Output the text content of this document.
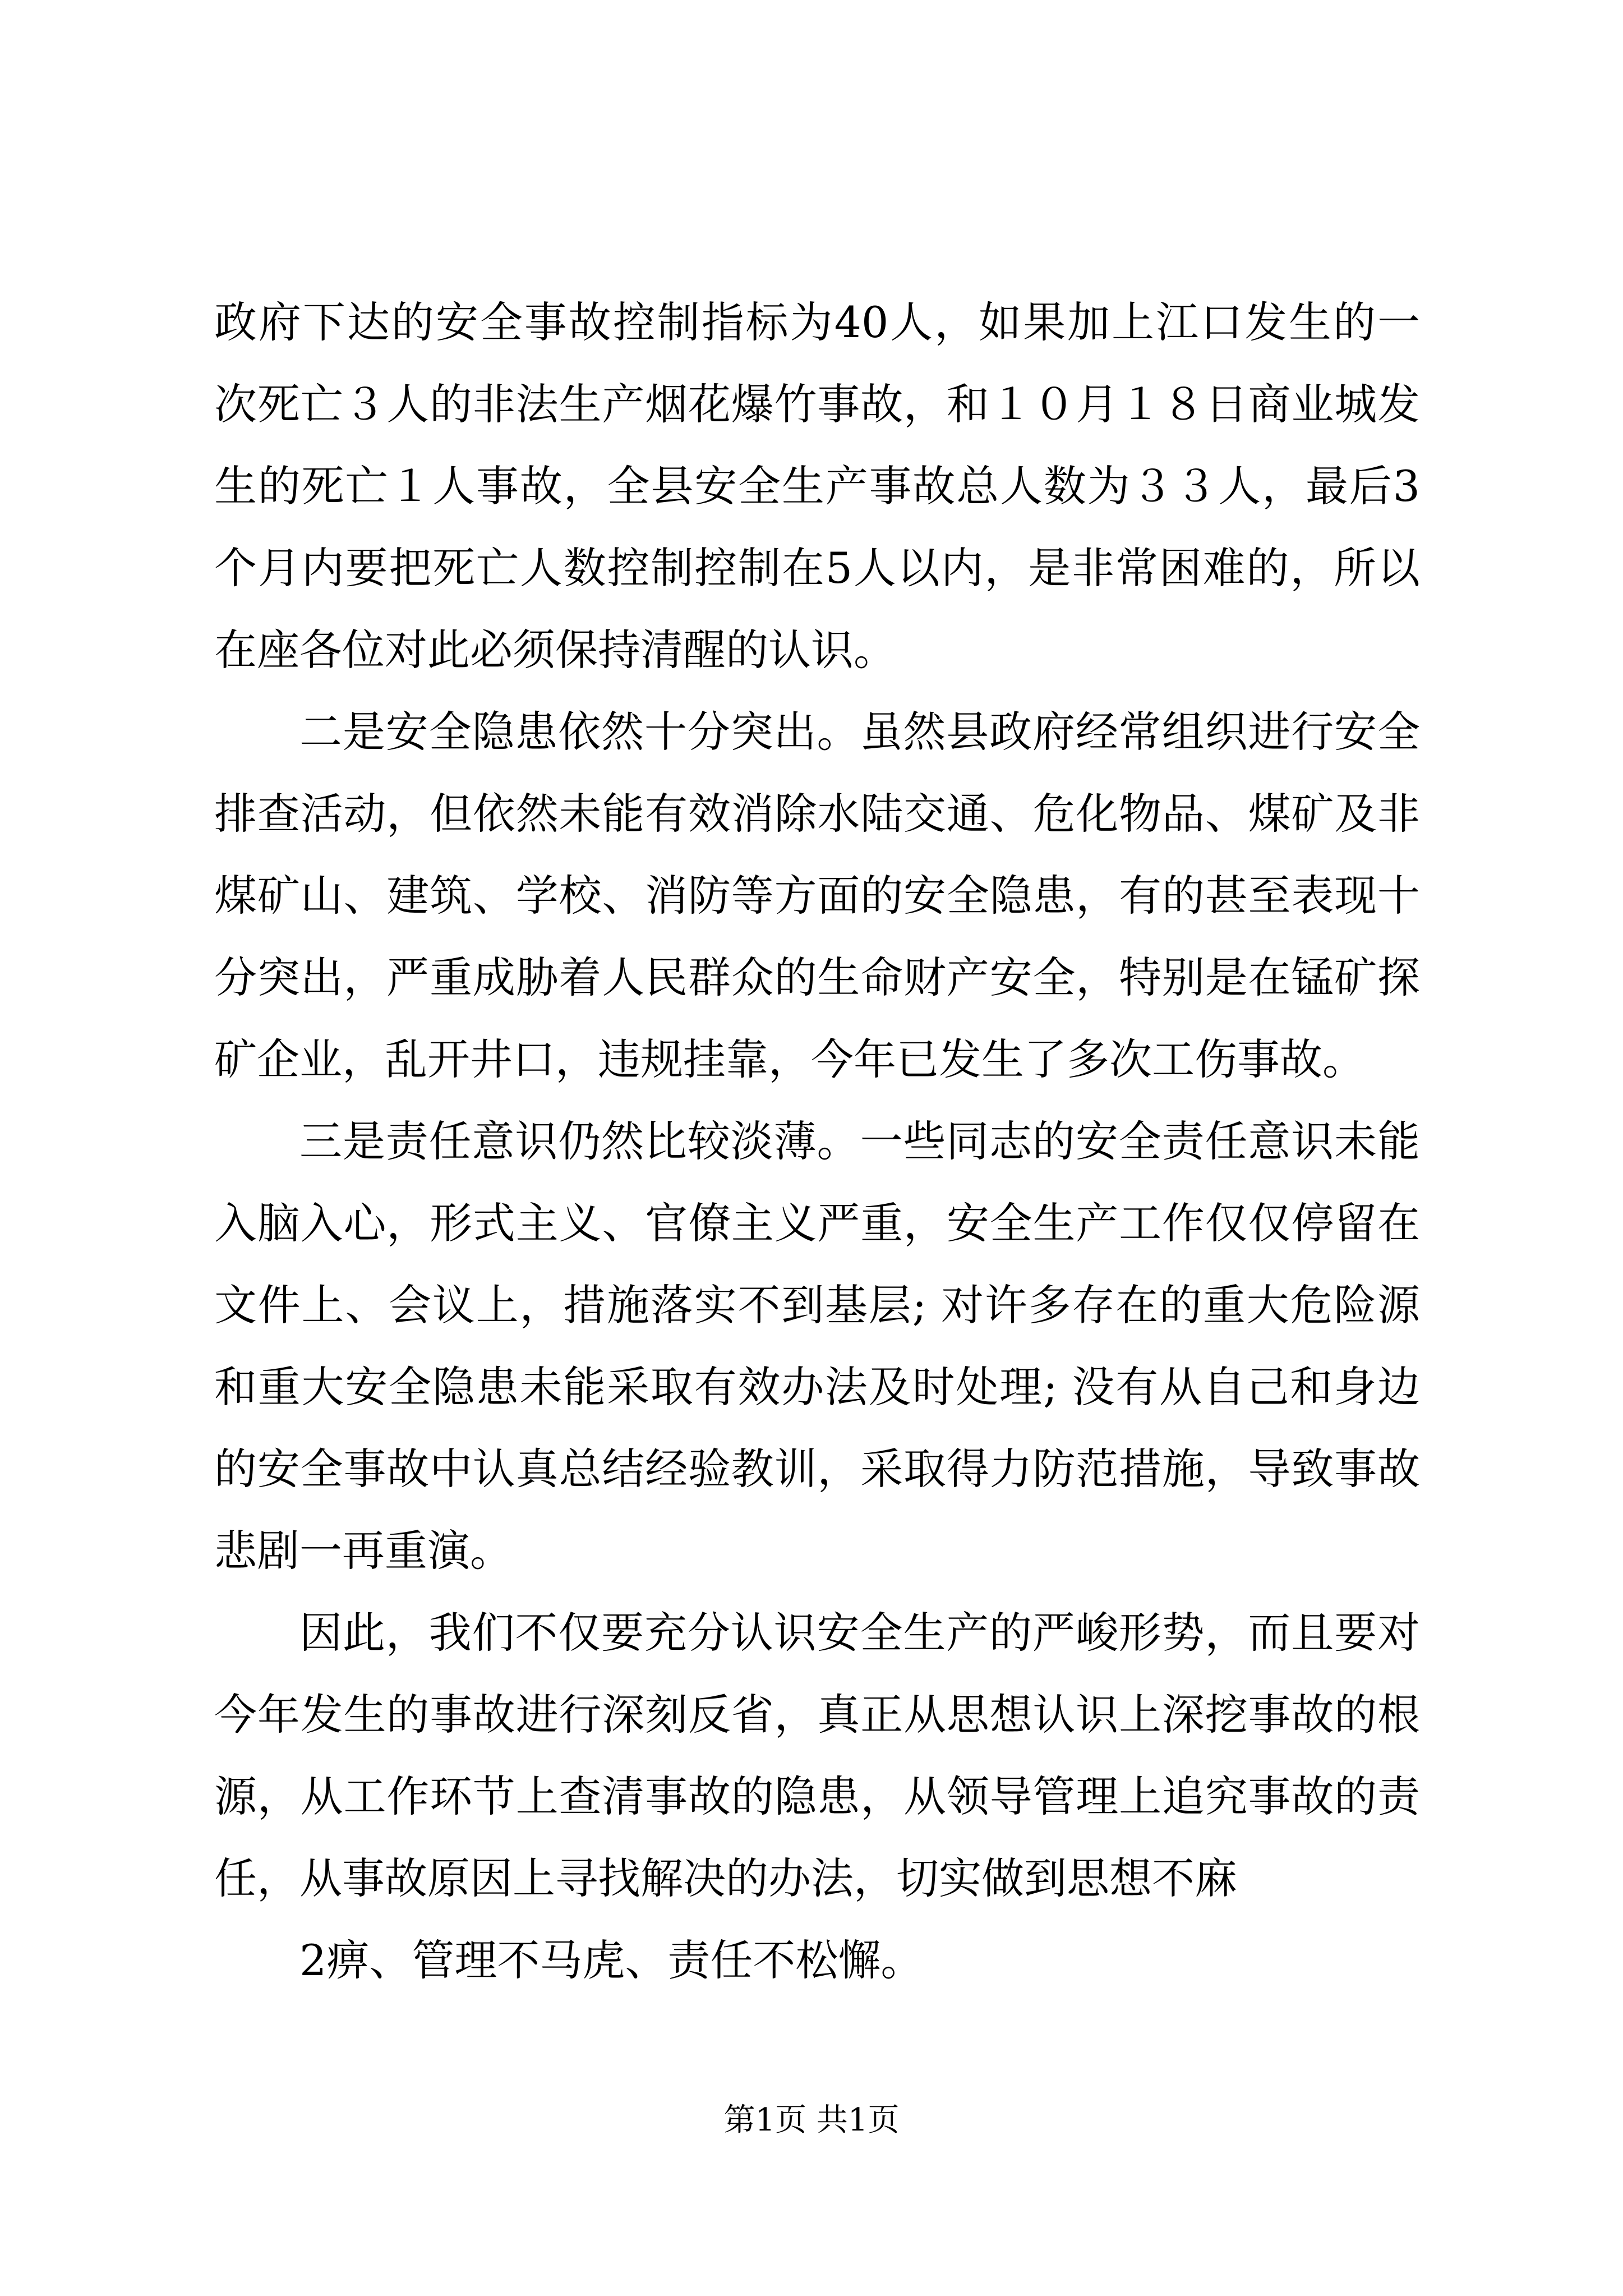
政府下达的安全事故控制指标为40人，如果加上江口发生的一
次死亡３人的非法生产烟花爆竹事故，和１０月１８日商业城发
生的死亡１人事故，全县安全生产事故总人数为３３人，最后3
个月内要把死亡人数控制控制在5人以内，是非常困难的，所以
在座各位对此必须保持清醒的认识。
二是安全隐患依然十分突出。虽然县政府经常组织进行安全
排查活动，但依然未能有效消除水陆交通、危化物品、煤矿及非
煤矿山、建筑、学校、消防等方面的安全隐患，有的甚至表现十
分突出，严重成胁着人民群众的生命财产安全，特别是在锰矿探
矿企业，乱开井口，违规挂靠，今年已发生了多次工伤事故。
三是责任意识仍然比较淡薄。一些同志的安全责任意识未能
入脑入心，形式主义、官僚主义严重，安全生产工作仅仅停留在
文件上、会议上，措施落实不到基层; 对许多存在的重大危险源
和重大安全隐患未能采取有效办法及时处理; 没有从自己和身边
的安全事故中认真总结经验教训，采取得力防范措施，导致事故
悲剧一再重演。
因此，我们不仅要充分认识安全生产的严峻形势，而且要对
今年发生的事故进行深刻反省，真正从思想认识上深挖事故的根
源，从工作环节上查清事故的隐患，从领导管理上追究事故的责
任，从事故原因上寻找解决的办法，切实做到思想不麻
2痹、管理不马虎、责任不松懈。
第1页 共1页
